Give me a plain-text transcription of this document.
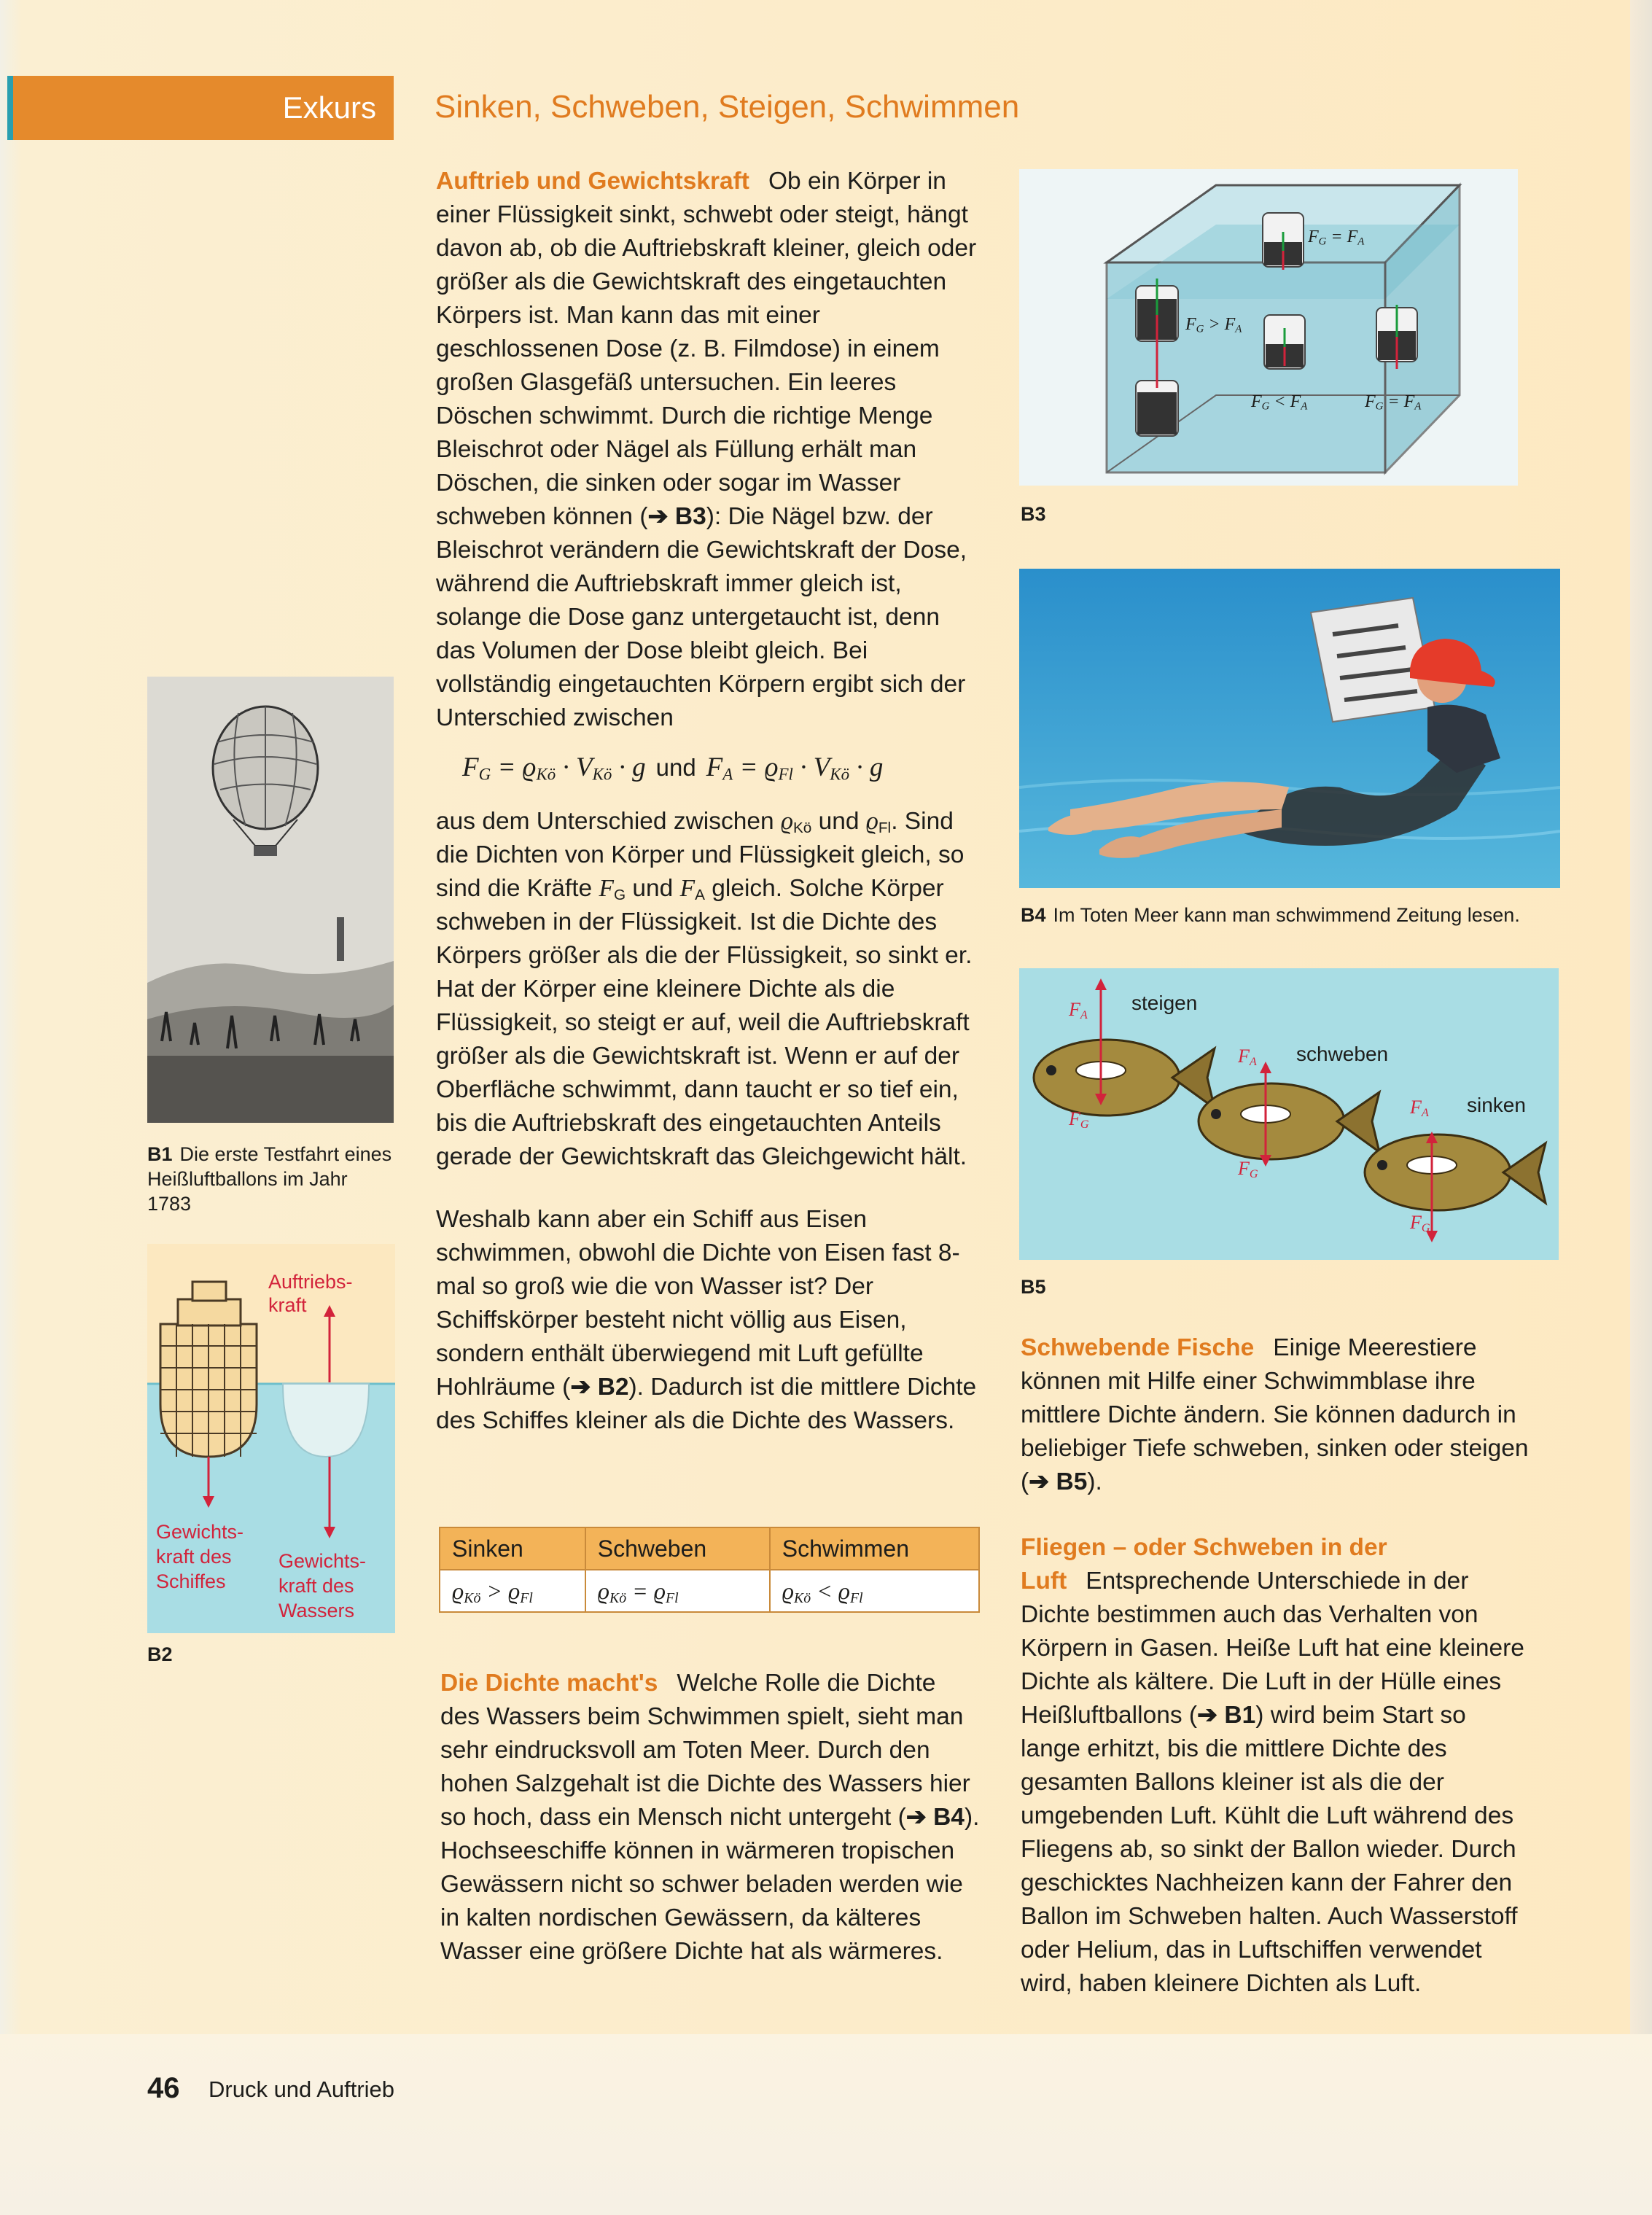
Exkurs Sinken, Schweben, Steigen, Schwimmen

Auftrieb und Gewichtskraft Ob ein Körper in einer Flüssigkeit sinkt, schwebt oder steigt, hängt davon ab, ob die Auftriebskraft kleiner, gleich oder größer als die Gewichtskraft des eingetauchten Körpers ist. Man kann das mit einer geschlossenen Dose (z. B. Filmdose) in einem großen Glasgefäß untersuchen. Ein leeres Döschen schwimmt. Durch die richtige Menge Bleischrot oder Nägel als Füllung erhält man Döschen, die sinken oder sogar im Wasser schweben können (➔ B3): Die Nägel bzw. der Bleischrot verändern die Gewichtskraft der Dose, während die Auftriebskraft immer gleich ist, solange die Dose ganz untergetaucht ist, denn das Volumen der Dose bleibt gleich. Bei vollständig eingetauchten Körpern ergibt sich der Unterschied zwischen

$F_G = ϱ_{Kö} \cdot V_{Kö} \cdot g$ und $F_A = ϱ_{Fl} \cdot V_{Kö} \cdot g$

aus dem Unterschied zwischen $ϱ_{Kö}$ und $ϱ_{Fl}$. Sind die Dichten von Körper und Flüssigkeit gleich, so sind die Kräfte $F_G$ und $F_A$ gleich. Solche Körper schweben in der Flüssigkeit. Ist die Dichte des Körpers größer als die der Flüssigkeit, so sinkt er. Hat der Körper eine kleinere Dichte als die Flüssigkeit, so steigt er auf, weil die Auftriebskraft größer als die Gewichtskraft ist. Wenn er auf der Oberfläche schwimmt, dann taucht er so tief ein, bis die Auftriebskraft des eingetauchten Anteils gerade der Gewichtskraft das Gleichgewicht hält.

Weshalb kann aber ein Schiff aus Eisen schwimmen, obwohl die Dichte von Eisen fast 8-mal so groß wie die von Wasser ist? Der Schiffskörper besteht nicht völlig aus Eisen, sondern enthält überwiegend mit Luft gefüllte Hohlräume (➔ B2). Dadurch ist die mittlere Dichte des Schiffes kleiner als die Dichte des Wassers.

Sinken	Schweben	Schwimmen
$ϱ_{Kö} > ϱ_{Fl}$	$ϱ_{Kö} = ϱ_{Fl}$	$ϱ_{Kö} < ϱ_{Fl}$

Die Dichte macht's Welche Rolle die Dichte des Wassers beim Schwimmen spielt, sieht man sehr eindrucksvoll am Toten Meer. Durch den hohen Salzgehalt ist die Dichte des Wassers hier so hoch, dass ein Mensch nicht untergeht (➔ B4). Hochseeschiffe können in wärmeren tropischen Gewässern nicht so schwer beladen werden wie in kalten nordischen Gewässern, da kälteres Wasser eine größere Dichte hat als wärmeres.

Schwebende Fische Einige Meerestiere können mit Hilfe einer Schwimmblase ihre mittlere Dichte ändern. Sie können dadurch in beliebiger Tiefe schweben, sinken oder steigen (➔ B5).

Fliegen – oder Schweben in der Luft Entsprechende Unterschiede in der Dichte bestimmen auch das Verhalten von Körpern in Gasen. Heiße Luft hat eine kleinere Dichte als kältere. Die Luft in der Hülle eines Heißluftballons (➔ B1) wird beim Start so lange erhitzt, bis die mittlere Dichte des gesamten Ballons kleiner ist als die der umgebenden Luft. Kühlt die Luft während des Fliegens ab, so sinkt der Ballon wieder. Durch geschicktes Nachheizen kann der Fahrer den Ballon im Schweben halten. Auch Wasserstoff oder Helium, das in Luftschiffen verwendet wird, haben kleinere Dichten als Luft.

B1 Die erste Testfahrt eines Heißluftballons im Jahr 1783
Auftriebs-
kraft
Gewichts-
kraft des
Schiffes
Gewichts-
kraft des
Wassers
B2
$F_G = F_A$
$F_G > F_A$
$F_G < F_A$	$F_G = F_A$
B3
B4 Im Toten Meer kann man schwimmend Zeitung lesen.
steigen
schweben
sinken
$F_A$
$F_G$
$F_A$
$F_G$
$F_A$
$F_G$
B5
46 Druck und Auftrieb
